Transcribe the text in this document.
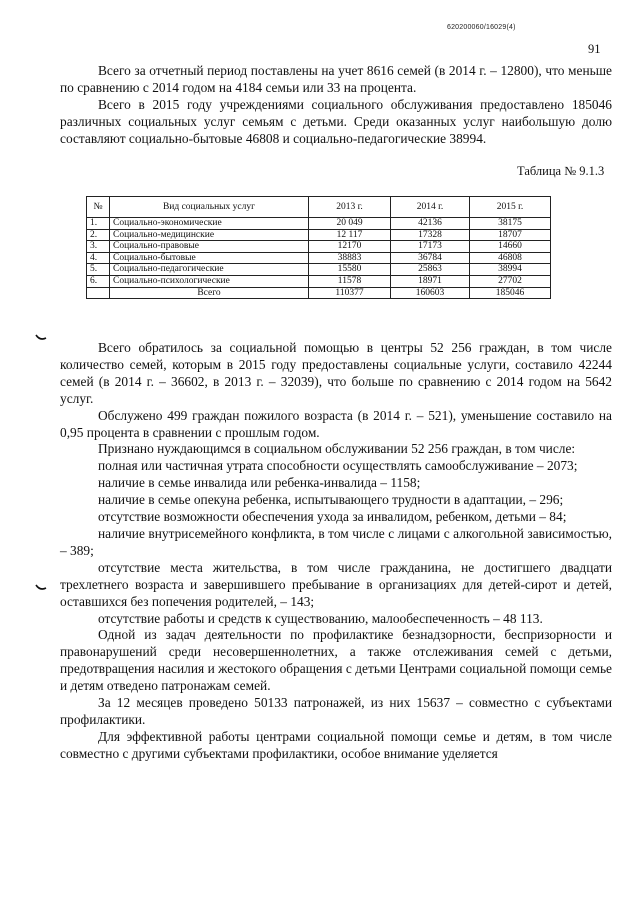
620200060/16029(4)
91

Всего за отчетный период поставлены на учет 8616 семей (в 2014 г. – 12800), что меньше по сравнению с 2014 годом на 4184 семьи или 33 на процента.

Всего в 2015 году учреждениями социального обслуживания предоставлено 185046 различных социальных услуг семьям с детьми. Среди оказанных услуг наибольшую долю составляют социально-бытовые 46808 и социально-педагогические 38994.

Таблица № 9.1.3
№	Вид социальных услуг	2013 г.	2014 г.	2015 г.
1.	Социально-экономические	20 049	42136	38175
2.	Социально-медицинские	12 117	17328	18707
3.	Социально-правовые	12170	17173	14660
4.	Социально-бытовые	38883	36784	46808
5.	Социально-педагогические	15580	25863	38994
6.	Социально-психологические	11578	18971	27702
	Всего	110377	160603	185046

Всего обратилось за социальной помощью в центры 52 256 граждан, в том числе количество семей, которым в 2015 году предоставлены социальные услуги, составило 42244 семей (в 2014 г. – 36602, в 2013 г. – 32039), что больше по сравнению с 2014 годом на 5642 услуг.

Обслужено 499 граждан пожилого возраста (в 2014 г. – 521), уменьшение составило на 0,95 процента в сравнении с прошлым годом.

Признано нуждающимся в социальном обслуживании 52 256 граждан, в том числе:

полная или частичная утрата способности осуществлять самообслуживание – 2073;

наличие в семье инвалида или ребенка-инвалида – 1158;

наличие в семье опекуна ребенка, испытывающего трудности в адаптации, – 296;

отсутствие возможности обеспечения ухода за инвалидом, ребенком, детьми – 84;

наличие внутрисемейного конфликта, в том числе с лицами с алкогольной зависимостью, – 389;

отсутствие места жительства, в том числе гражданина, не достигшего двадцати трехлетнего возраста и завершившего пребывание в организациях для детей-сирот и детей, оставшихся без попечения родителей, – 143;

отсутствие работы и средств к существованию, малообеспеченность – 48 113.

Одной из задач деятельности по профилактике безнадзорности, беспризорности и правонарушений среди несовершеннолетних, а также отслеживания семей с детьми, предотвращения насилия и жестокого обращения с детьми Центрами социальной помощи семье и детям отведено патронажам семей.

За 12 месяцев проведено 50133 патронажей, из них 15637 – совместно с субъектами профилактики.

Для эффективной работы центрами социальной помощи семье и детям, в том числе совместно с другими субъектами профилактики, особое внимание уделяется
